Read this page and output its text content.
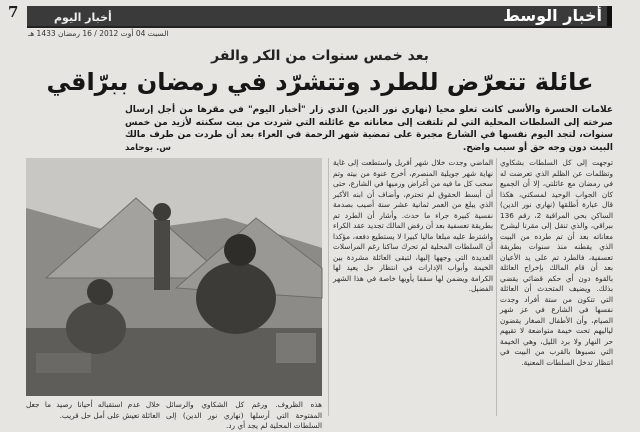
7	أخبار اليوم	أخبار الوسط
السبت 04 أوت 2012 / 16 رمضان 1433 هـ
بعد خمس سنوات من الكر والفر
عائلة تتعرّض للطرد وتتشرّد في رمضان ببرّاقي
علامات الحسرة والأسى كانت تعلو محيا (نهاري نور الدين) الذي زار "أخبار اليوم" في مقرها من أجل إرسال صرخته إلى السلطات المحلية التي لم تلتفت إلى معاناته مع عائلته التي شردت من بيت سكنته لأزيد من خمس سنوات، لتجد اليوم نفسها في الشارع مجبرة على تمضية شهر الرحمة في العراء بعد أن طردت من طرف مالك البيت دون وجه حق أو سبب واضح.
س. بوحامد
توجهت إلى كل السلطات بشكاوي وتظلمات عن الظلم الذي تعرضت له في رمضان مع عائلتي، إلا أن الجميع كان الجواب الوحيد لمسكني، هكذا قال عبارة أطلقها (نهاري نور الدين) الساكن بحي المراقبة 2، رقم 136 ببراقي، والذي تنقل إلى مقرنا ليشرح معاناته بعد أن تم طرده من البيت الذي يقطنه منذ سنوات بطريقة تعسفية، فالطرد تم على يد الأعيان بعد أن قام المالك بإخراج العائلة بالقوة دون أي حكم قضائي يقضي بذلك. ويضيف المتحدث أن العائلة التي تتكون من ستة أفراد وجدت نفسها في الشارع في عز شهر الصيام، وأن الأطفال الصغار يقضون لياليهم تحت خيمة متواضعة لا تقيهم حر النهار ولا برد الليل، وهي الخيمة التي نصبوها بالقرب من البيت في انتظار تدخل السلطات المعنية.
الماضي وجدت خلال شهر أفريل واستطعت إلى غاية نهاية شهر جويلية المنصرم، أخرج عنوة من بيته وتم سحب كل ما فيه من أغراض ورميها في الشارع، حتى أن أبسط الحقوق لم تحترم، وأضاف أن ابنه الأكبر الذي يبلغ من العمر ثمانية عشر سنة أصيب بصدمة نفسية كبيرة جراء ما حدث. وأشار أن الطرد تم بطريقة تعسفية بعد أن رفض المالك تجديد عقد الكراء واشترط عليه مبلغا ماليا كبيرا لا يستطيع دفعه، مؤكدا أن السلطات المحلية لم تحرك ساكنا رغم المراسلات العديدة التي وجهها إليها، لتبقى العائلة مشردة بين الخيمة وأبواب الإدارات في انتظار حل يعيد لها الكرامة ويضمن لها سقفا يأويها خاصة في هذا الشهر الفضيل.
هذه الظروف. ورغم كل الشكاوي والرسائل المفتوحة التي أرسلها (نهاري نور الدين) إلى السلطات المحلية لم يجد أي رد.
خلال عدم استقباله أحيانا رصيد ما جعل العائلة تعيش على أمل حل قريب.
